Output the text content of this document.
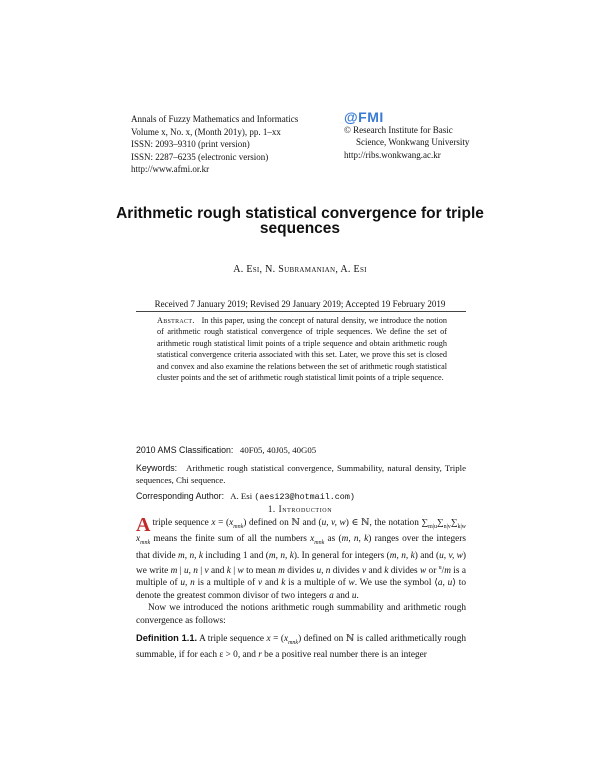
Annals of Fuzzy Mathematics and Informatics
Volume x, No. x, (Month 201y), pp. 1–xx
ISSN: 2093–9310 (print version)
ISSN: 2287–6235 (electronic version)
http://www.afmi.or.kr
@FMI
© Research Institute for Basic
Science, Wonkwang University
http://ribs.wonkwang.ac.kr
Arithmetic rough statistical convergence for triple
sequences
A. Esi, N. Subramanian, A. Esi
Received 7 January 2019; Revised 29 January 2019; Accepted 19 February 2019
Abstract. In this paper, using the concept of natural density, we introduce the notion of arithmetic rough statistical convergence of triple sequences. We define the set of arithmetic rough statistical limit points of a triple sequence and obtain arithmetic rough statistical convergence criteria associated with this set. Later, we prove this set is closed and convex and also examine the relations between the set of arithmetic rough statistical cluster points and the set of arithmetic rough statistical limit points of a triple sequence.
2010 AMS Classification: 40F05, 40J05, 40G05
Keywords: Arithmetic rough statistical convergence, Summability, natural density, Triple sequences, Chi sequence.
Corresponding Author: A. Esi (aesi23@hotmail.com)
1. Introduction

A triple sequence $x = (x_{mnk})$ defined on ℕ and (u, v, w) ∈ ℕ, the notation $\sum_{m|u}\sum_{n|v}\sum_{k|w}$ $x_{mnk}$ means the finite sum of all the numbers $x_{mnk}$ as (m, n, k) ranges over the integers that divide m, n, k including 1 and (m, n, k). In general for integers (m, n, k) and (u, v, w) we write m | u, n | v and k | w to mean m divides u, n divides v and k divides w or $^u$/m is a multiple of u, n is a multiple of v and k is a multiple of w. We use the symbol ⟨a, u⟩ to denote the greatest common divisor of two integers a and u.

Now we introduced the notions arithmetic rough summability and arithmetic rough convergence as follows:

Definition 1.1. A triple sequence $x = (x_{mnk})$ defined on ℕ is called arithmetically rough summable, if for each ε > 0, and r be a positive real number there is an integer
